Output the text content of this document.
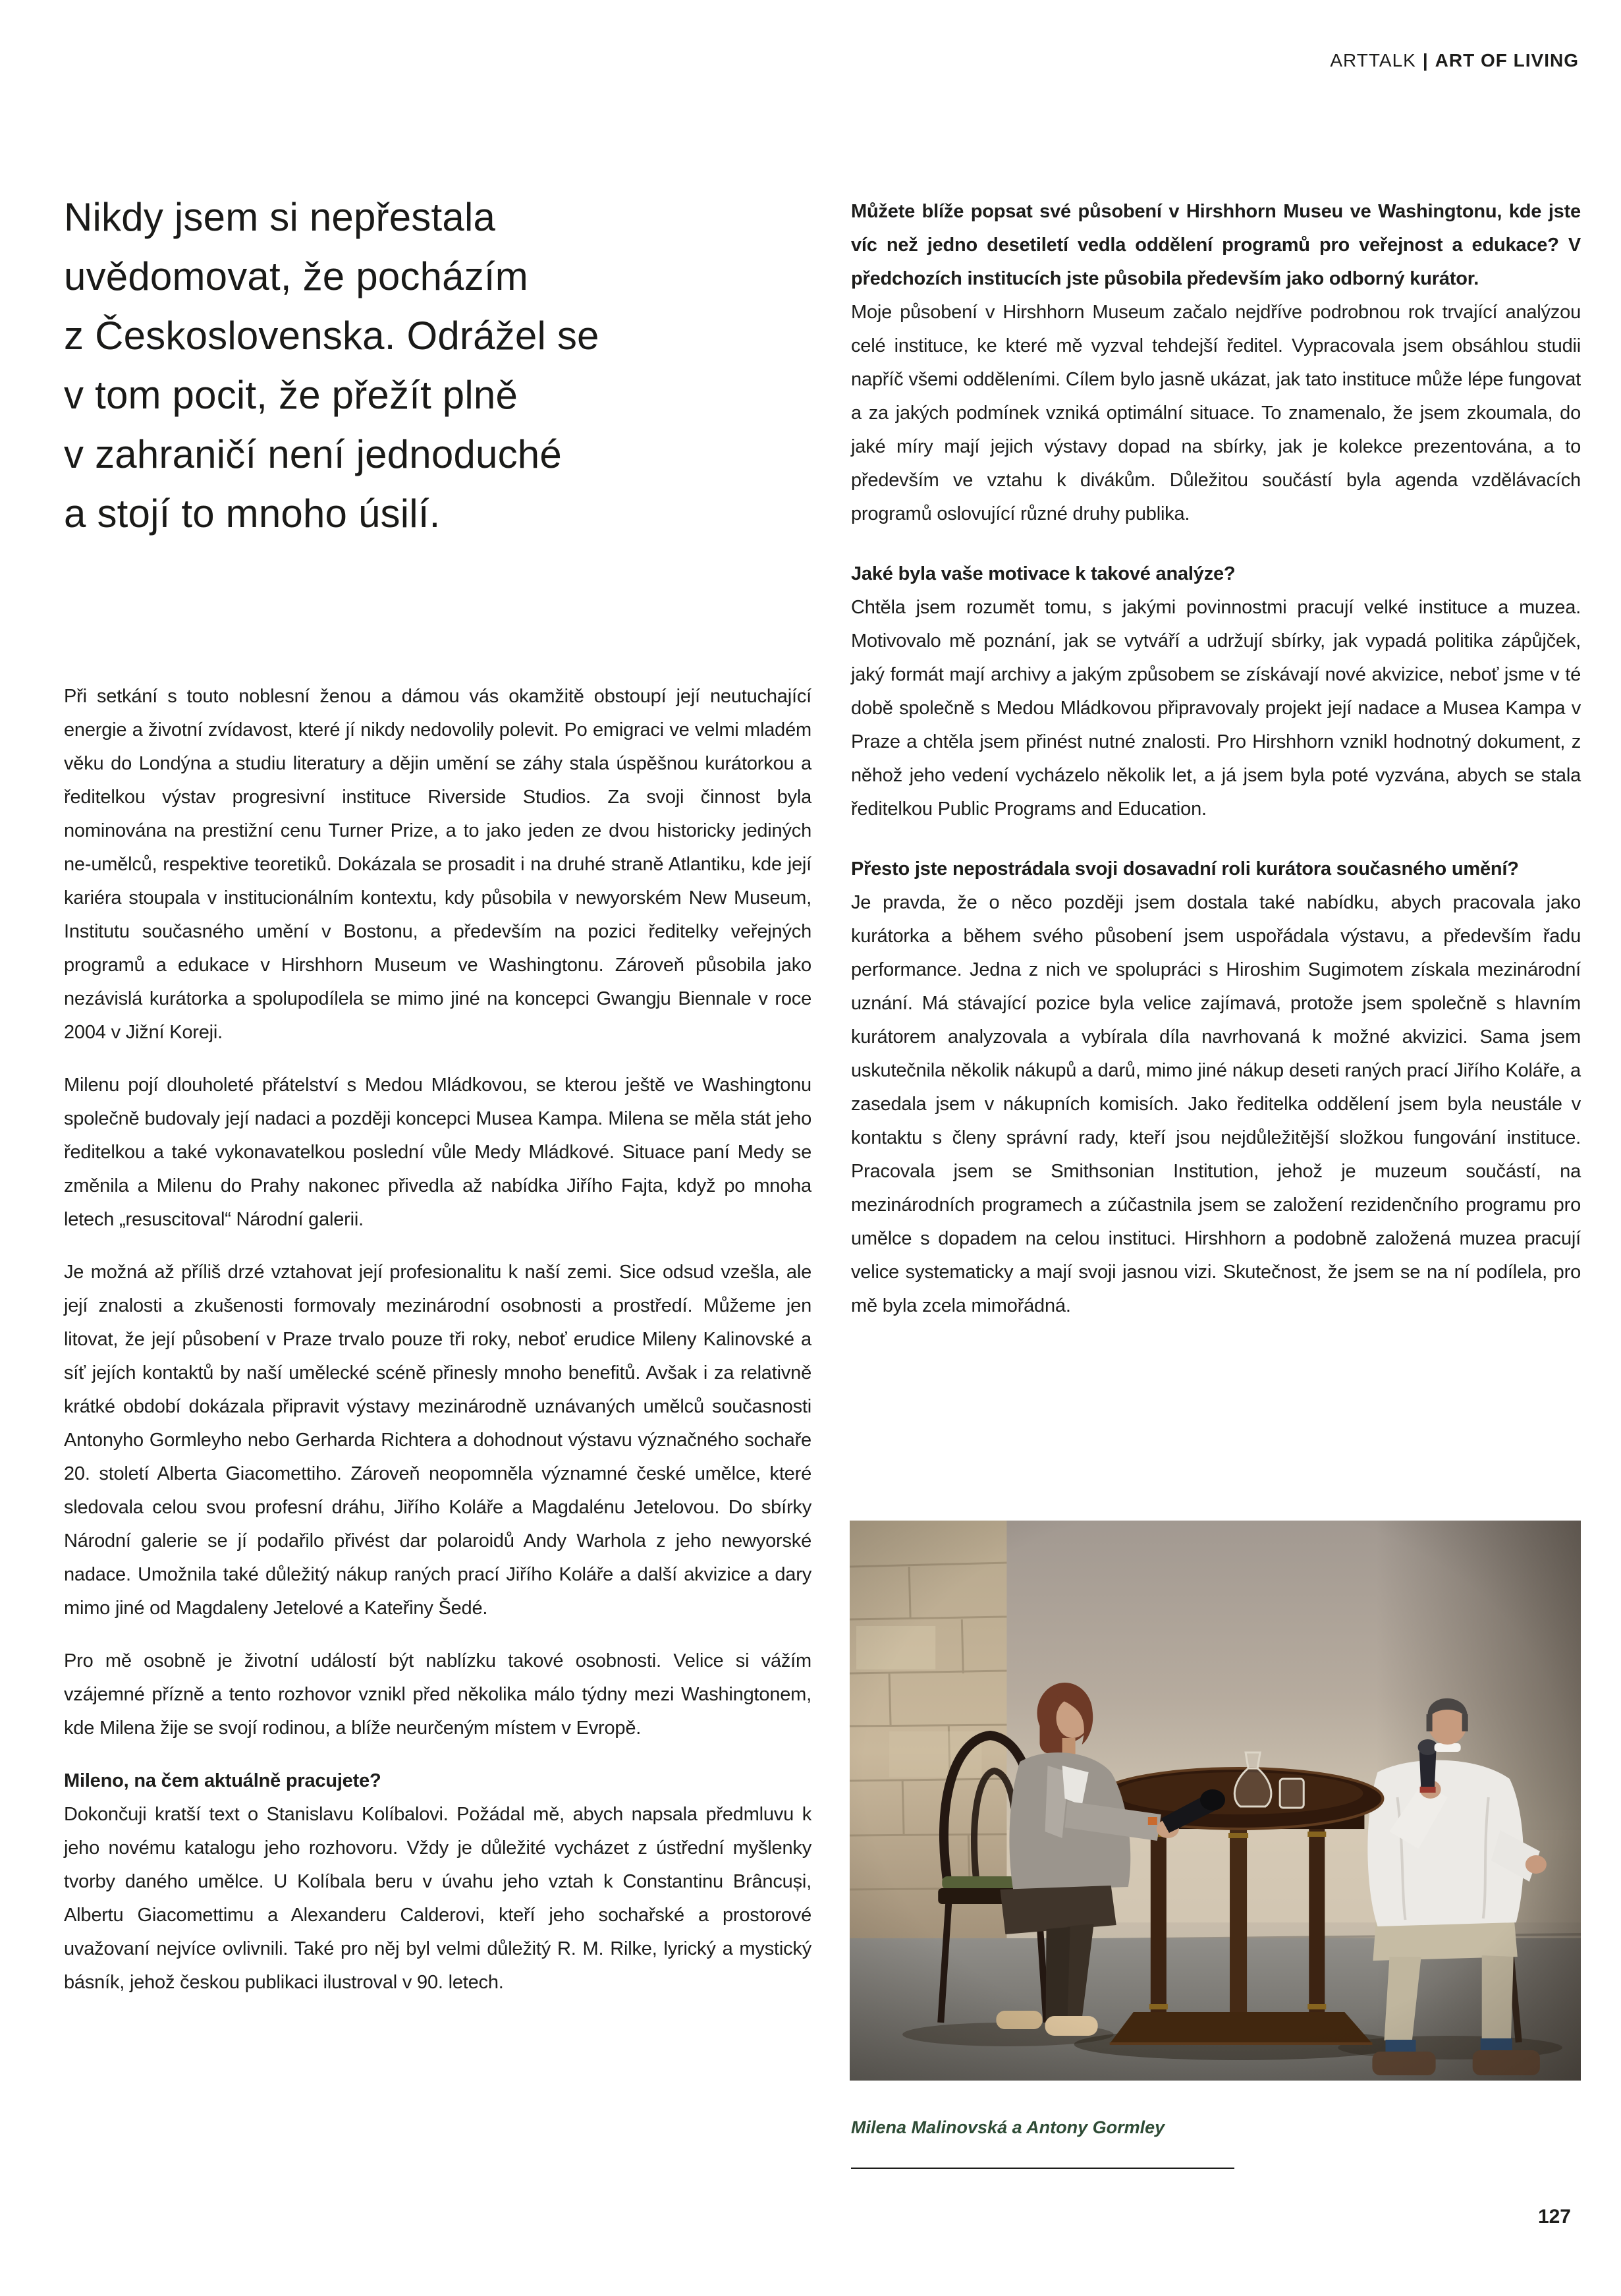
ARTTALK | ART OF LIVING
Nikdy jsem si nepřestala
uvědomovat, že pocházím
z Československa. Odrážel se
v tom pocit, že přežít plně
v zahraničí není jednoduché
a stojí to mnoho úsilí.

Při setkání s touto noblesní ženou a dámou vás okamžitě obstoupí její neutuchající energie a životní zvídavost, které jí nikdy nedovolily polevit. Po emigraci ve velmi mladém věku do Londýna a studiu literatury a dějin umění se záhy stala úspěšnou kurátorkou a ředitelkou výstav progresivní instituce Riverside Studios. Za svoji činnost byla nominována na prestižní cenu Turner Prize, a to jako jeden ze dvou historicky jediných ne-umělců, respektive teoretiků. Dokázala se prosadit i na druhé straně Atlantiku, kde její kariéra stoupala v institucionálním kontextu, kdy působila v newyorském New Museum, Institutu současného umění v Bostonu, a především na pozici ředitelky veřejných programů a edukace v Hirshhorn Museum ve Washingtonu. Zároveň působila jako nezávislá kurátorka a spolupodílela se mimo jiné na koncepci Gwangju Biennale v roce 2004 v Jižní Koreji.

Milenu pojí dlouholeté přátelství s Medou Mládkovou, se kterou ještě ve Washingtonu společně budovaly její nadaci a později koncepci Musea Kampa. Milena se měla stát jeho ředitelkou a také vykonavatelkou poslední vůle Medy Mládkové. Situace paní Medy se změnila a Milenu do Prahy nakonec přivedla až nabídka Jiřího Fajta, když po mnoha letech „resuscitoval“ Národní galerii.

Je možná až příliš drzé vztahovat její profesionalitu k naší zemi. Sice odsud vzešla, ale její znalosti a zkušenosti formovaly mezinárodní osobnosti a prostředí. Můžeme jen litovat, že její působení v Praze trvalo pouze tři roky, neboť erudice Mileny Kalinovské a síť jejích kontaktů by naší umělecké scéně přinesly mnoho benefitů. Avšak i za relativně krátké období dokázala připravit výstavy mezinárodně uznávaných umělců současnosti Antonyho Gormleyho nebo Gerharda Richtera a dohodnout výstavu význačného sochaře 20. století Alberta Giacomettiho. Zároveň neopomněla významné české umělce, které sledovala celou svou profesní dráhu, Jiřího Koláře a Magdalénu Jetelovou. Do sbírky Národní galerie se jí podařilo přivést dar polaroidů Andy Warhola z jeho newyorské nadace. Umožnila také důležitý nákup raných prací Jiřího Koláře a další akvizice a dary mimo jiné od Magdaleny Jetelové a Kateřiny Šedé.

Pro mě osobně je životní událostí být nablízku takové osobnosti. Velice si vážím vzájemné přízně a tento rozhovor vznikl před několika málo týdny mezi Washingtonem, kde Milena žije se svojí rodinou, a blíže neurčeným místem v Evropě.

Mileno, na čem aktuálně pracujete?

Dokončuji kratší text o Stanislavu Kolíbalovi. Požádal mě, abych napsala předmluvu k jeho novému katalogu jeho rozhovoru. Vždy je důležité vycházet z ústřední myšlenky tvorby daného umělce. U Kolíbala beru v úvahu jeho vztah k Constantinu Brâncuși, Albertu Giacomettimu a Alexanderu Calderovi, kteří jeho sochařské a prostorové uvažovaní nejvíce ovlivnili. Také pro něj byl velmi důležitý R. M. Rilke, lyrický a mystický básník, jehož českou publikaci ilustroval v 90. letech.

Můžete blíže popsat své působení v Hirshhorn Museu ve Washingtonu, kde jste víc než jedno desetiletí vedla oddělení programů pro veřejnost a edukace? V předchozích institucích jste působila především jako odborný kurátor.

Moje působení v Hirshhorn Museum začalo nejdříve podrobnou rok trvající analýzou celé instituce, ke které mě vyzval tehdejší ředitel. Vypracovala jsem obsáhlou studii napříč všemi odděleními. Cílem bylo jasně ukázat, jak tato instituce může lépe fungovat a za jakých podmínek vzniká optimální situace. To znamenalo, že jsem zkoumala, do jaké míry mají jejich výstavy dopad na sbírky, jak je kolekce prezentována, a to především ve vztahu k divákům. Důležitou součástí byla agenda vzdělávacích programů oslovující různé druhy publika.

Jaké byla vaše motivace k takové analýze?

Chtěla jsem rozumět tomu, s jakými povinnostmi pracují velké instituce a muzea. Motivovalo mě poznání, jak se vytváří a udržují sbírky, jak vypadá politika zápůjček, jaký formát mají archivy a jakým způsobem se získávají nové akvizice, neboť jsme v té době společně s Medou Mládkovou připravovaly projekt její nadace a Musea Kampa v Praze a chtěla jsem přinést nutné znalosti. Pro Hirshhorn vznikl hodnotný dokument, z něhož jeho vedení vycházelo několik let, a já jsem byla poté vyzvána, abych se stala ředitelkou Public Programs and Education.

Přesto jste nepostrádala svoji dosavadní roli kurátora současného umění?

Je pravda, že o něco později jsem dostala také nabídku, abych pracovala jako kurátorka a během svého působení jsem uspořádala výstavu, a především řadu performance. Jedna z nich ve spolupráci s Hiroshim Sugimotem získala mezinárodní uznání. Má stávající pozice byla velice zajímavá, protože jsem společně s hlavním kurátorem analyzovala a vybírala díla navrhovaná k možné akvizici. Sama jsem uskutečnila několik nákupů a darů, mimo jiné nákup deseti raných prací Jiřího Koláře, a zasedala jsem v nákupních komisích. Jako ředitelka oddělení jsem byla neustále v kontaktu s členy správní rady, kteří jsou nejdůležitější složkou fungování instituce. Pracovala jsem se Smithsonian Institution, jehož je muzeum součástí, na mezinárodních programech a zúčastnila jsem se založení rezidenčního programu pro umělce s dopadem na celou instituci. Hirshhorn a podobně založená muzea pracují velice systematicky a mají svoji jasnou vizi. Skutečnost, že jsem se na ní podílela, pro mě byla zcela mimořádná.

Milena Malinovská a Antony Gormley
127
